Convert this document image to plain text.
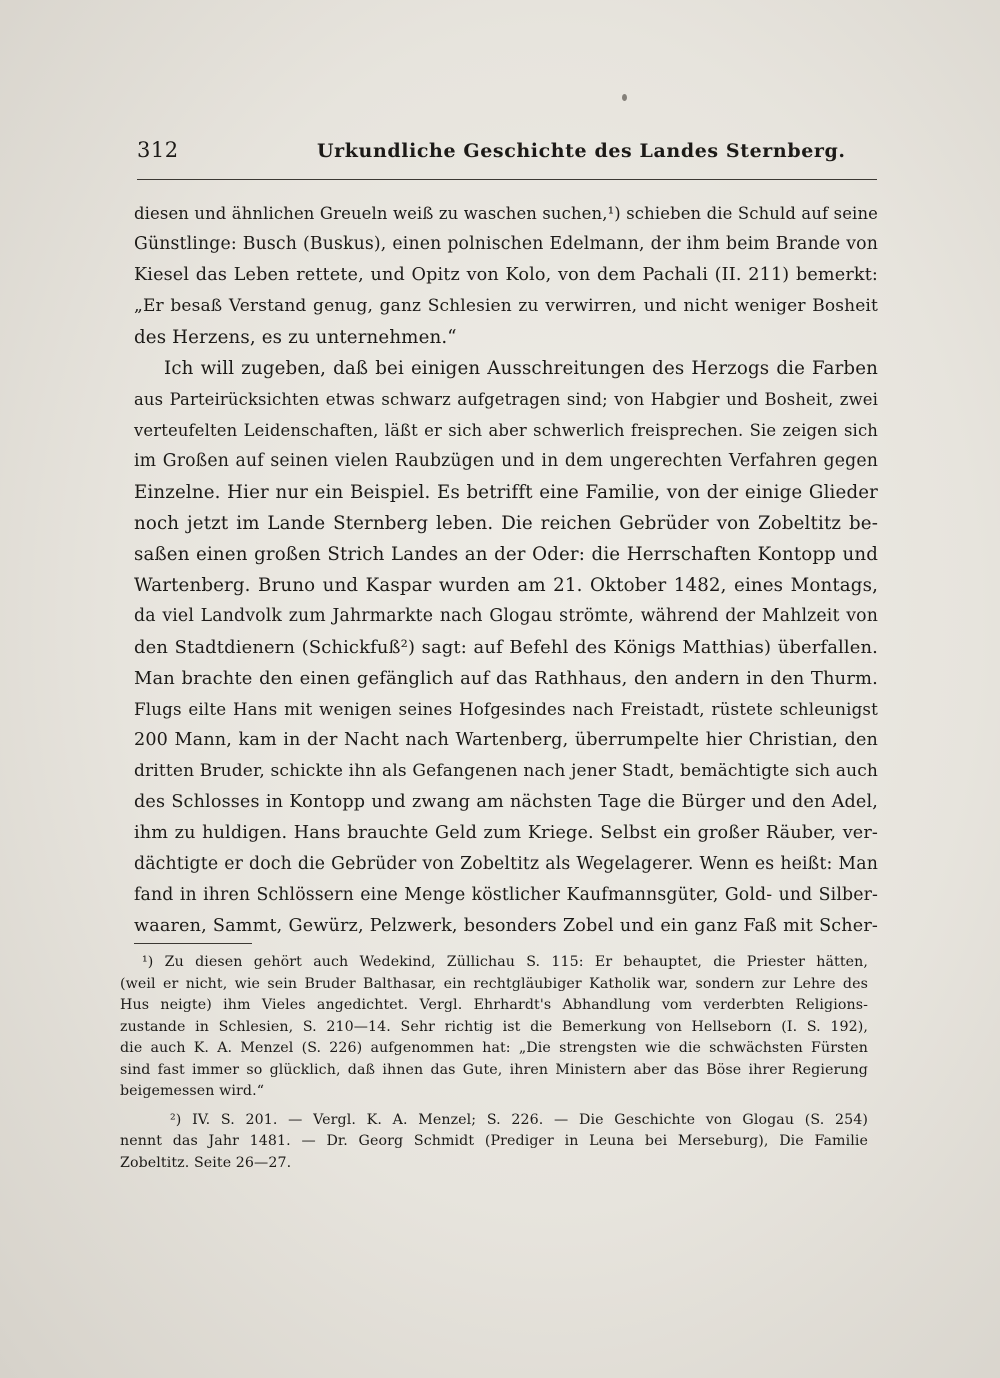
312	Urkundliche Geschichte des Landes Sternberg.
diesen und ähnlichen Greueln weiß zu waschen suchen,¹) schieben die Schuld auf seine
Günstlinge: Busch (Buskus), einen polnischen Edelmann, der ihm beim Brande von
Kiesel das Leben rettete, und Opitz von Kolo, von dem Pachali (II. 211) bemerkt:
„Er besaß Verstand genug, ganz Schlesien zu verwirren, und nicht weniger Bosheit
des Herzens, es zu unternehmen.“
Ich will zugeben, daß bei einigen Ausschreitungen des Herzogs die Farben
aus Parteirücksichten etwas schwarz aufgetragen sind; von Habgier und Bosheit, zwei
verteufelten Leidenschaften, läßt er sich aber schwerlich freisprechen. Sie zeigen sich
im Großen auf seinen vielen Raubzügen und in dem ungerechten Verfahren gegen
Einzelne. Hier nur ein Beispiel. Es betrifft eine Familie, von der einige Glieder
noch jetzt im Lande Sternberg leben. Die reichen Gebrüder von Zobeltitz be-
saßen einen großen Strich Landes an der Oder: die Herrschaften Kontopp und
Wartenberg. Bruno und Kaspar wurden am 21. Oktober 1482, eines Montags,
da viel Landvolk zum Jahrmarkte nach Glogau strömte, während der Mahlzeit von
den Stadtdienern (Schickfuß²) sagt: auf Befehl des Königs Matthias) überfallen.
Man brachte den einen gefänglich auf das Rathhaus, den andern in den Thurm.
Flugs eilte Hans mit wenigen seines Hofgesindes nach Freistadt, rüstete schleunigst
200 Mann, kam in der Nacht nach Wartenberg, überrumpelte hier Christian, den
dritten Bruder, schickte ihn als Gefangenen nach jener Stadt, bemächtigte sich auch
des Schlosses in Kontopp und zwang am nächsten Tage die Bürger und den Adel,
ihm zu huldigen. Hans brauchte Geld zum Kriege. Selbst ein großer Räuber, ver-
dächtigte er doch die Gebrüder von Zobeltitz als Wegelagerer. Wenn es heißt: Man
fand in ihren Schlössern eine Menge köstlicher Kaufmannsgüter, Gold- und Silber-
waaren, Sammt, Gewürz, Pelzwerk, besonders Zobel und ein ganz Faß mit Scher-
¹) Zu diesen gehört auch Wedekind, Züllichau S. 115: Er behauptet, die Priester hätten,
(weil er nicht, wie sein Bruder Balthasar, ein rechtgläubiger Katholik war, sondern zur Lehre des
Hus neigte) ihm Vieles angedichtet. Vergl. Ehrhardt's Abhandlung vom verderbten Religions-
zustande in Schlesien, S. 210—14. Sehr richtig ist die Bemerkung von Hellseborn (I. S. 192),
die auch K. A. Menzel (S. 226) aufgenommen hat: „Die strengsten wie die schwächsten Fürsten
sind fast immer so glücklich, daß ihnen das Gute, ihren Ministern aber das Böse ihrer Regierung
beigemessen wird.“
²) IV. S. 201. — Vergl. K. A. Menzel; S. 226. — Die Geschichte von Glogau (S. 254)
nennt das Jahr 1481. — Dr. Georg Schmidt (Prediger in Leuna bei Merseburg), Die Familie
Zobeltitz. Seite 26—27.
